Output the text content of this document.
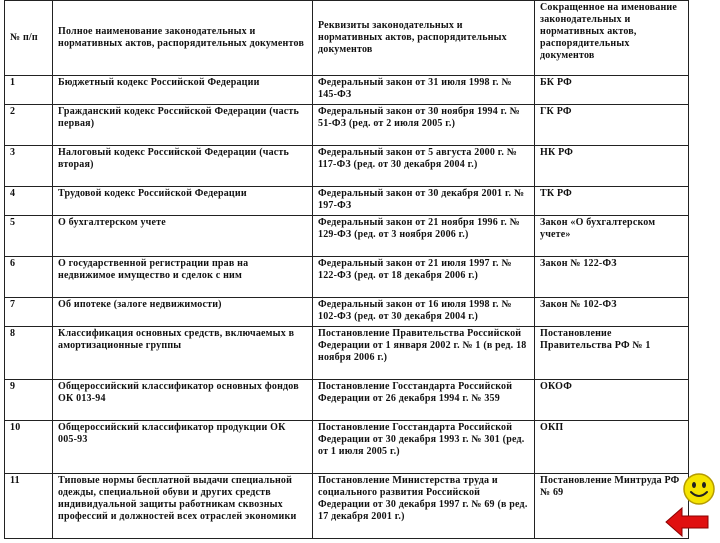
№ п/п	Полное наименование законодательных и нормативных актов, распорядительных документов	Реквизиты законодательных и нормативных актов, распорядительных документов	Сокращенное на именование законодательных и нормативных актов, распорядительных документов
1	Бюджетный кодекс Российской Федерации	Федеральный закон от 31 июля 1998 г. № 145-ФЗ	БК РФ
2	Гражданский кодекс Российской Федерации (часть первая)	Федеральный закон от 30 ноября 1994 г. № 51-ФЗ (ред. от 2 июля 2005 г.)	ГК РФ
3	Налоговый кодекс Российской Федерации (часть вторая)	Федеральный закон от 5 августа 2000 г. № 117-ФЗ (ред. от 30 декабря 2004 г.)	НК РФ
4	Трудовой кодекс Российской Федерации	Федеральный закон от 30 декабря 2001 г. № 197-ФЗ	ТК РФ
5	О бухгалтерском учете	Федеральный закон от 21 ноября 1996 г. № 129-ФЗ (ред. от 3 ноября 2006 г.)	Закон «О бухгалтерском учете»
6	О государственной регистрации прав на недвижимое имущество и сделок с ним	Федеральный закон от 21 июля 1997 г. № 122-ФЗ (ред. от 18 декабря 2006 г.)	Закон № 122-ФЗ
7	Об ипотеке (залоге недвижимости)	Федеральный закон от 16 июля 1998 г. № 102-ФЗ (ред. от 30 декабря 2004 г.)	Закон № 102-ФЗ
8	Классификация основных средств, включаемых в амортизационные группы	Постановление Правительства Российской Федерации от 1 января 2002 г. № 1 (в ред. 18 ноября 2006 г.)	Постановление Правительства РФ № 1
9	Общероссийский классификатор основных фондов ОК 013-94	Постановление Госстандарта Российской Федерации от 26 декабря 1994 г. № 359	ОКОФ
10	Общероссийский классификатор продукции ОК 005-93	Постановление Госстандарта Российской Федерации от 30 декабря 1993 г. № 301 (ред. от 1 июля 2005 г.)	ОКП
11	Типовые нормы бесплатной выдачи специальной одежды, специальной обуви и других средств индивидуальной защиты работникам сквозных профессий и должностей всех отраслей экономики	Постановление Министерства труда и социального развития Российской Федерации от 30 декабря 1997 г. № 69 (в ред. 17 декабря 2001 г.)	Постановление Минтруда РФ № 69
